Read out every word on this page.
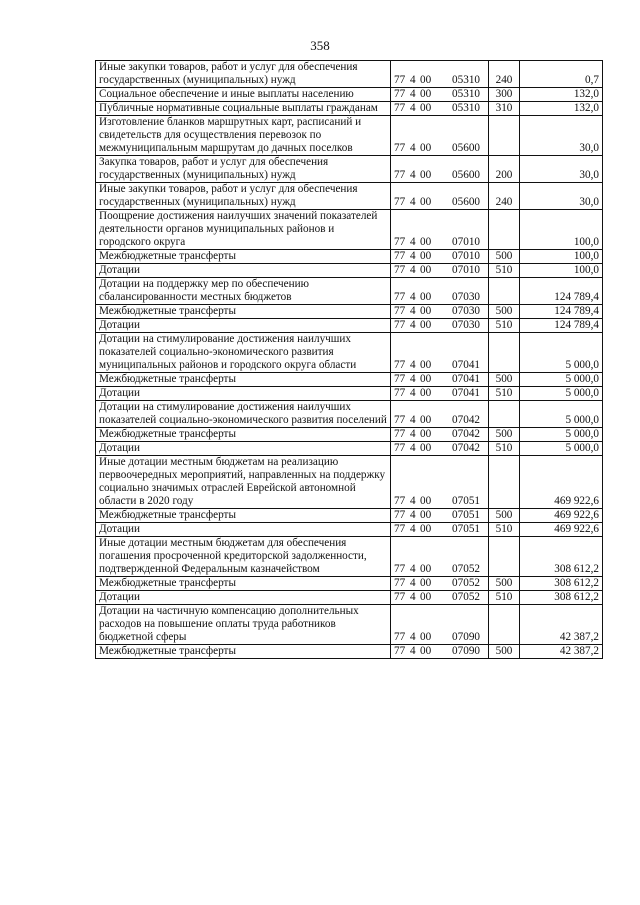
358
Иные закупки товаров, работ и услуг для обеспечения государственных (муниципальных) нужд	77 4 00 05310	240	0,7
Социальное обеспечение и иные выплаты населению	77 4 00 05310	300	132,0
Публичные нормативные социальные выплаты гражданам	77 4 00 05310	310	132,0
Изготовление бланков маршрутных карт, расписаний и свидетельств для осуществления перевозок по межмуниципальным маршрутам до дачных поселков	77 4 00 05600		30,0
Закупка товаров, работ и услуг для обеспечения государственных (муниципальных) нужд	77 4 00 05600	200	30,0
Иные закупки товаров, работ и услуг для обеспечения государственных (муниципальных) нужд	77 4 00 05600	240	30,0
Поощрение достижения наилучших значений показателей деятельности органов муниципальных районов и городского округа	77 4 00 07010		100,0
Межбюджетные трансферты	77 4 00 07010	500	100,0
Дотации	77 4 00 07010	510	100,0
Дотации на поддержку мер по обеспечению сбалансированности местных бюджетов	77 4 00 07030		124 789,4
Межбюджетные трансферты	77 4 00 07030	500	124 789,4
Дотации	77 4 00 07030	510	124 789,4
Дотации на стимулирование достижения наилучших показателей социально-экономического развития муниципальных районов и городского округа области	77 4 00 07041		5 000,0
Межбюджетные трансферты	77 4 00 07041	500	5 000,0
Дотации	77 4 00 07041	510	5 000,0
Дотации на стимулирование достижения наилучших показателей социально-экономического развития поселений	77 4 00 07042		5 000,0
Межбюджетные трансферты	77 4 00 07042	500	5 000,0
Дотации	77 4 00 07042	510	5 000,0
Иные дотации местным бюджетам на реализацию первоочередных мероприятий, направленных на поддержку социально значимых отраслей Еврейской автономной области в 2020 году	77 4 00 07051		469 922,6
Межбюджетные трансферты	77 4 00 07051	500	469 922,6
Дотации	77 4 00 07051	510	469 922,6
Иные дотации местным бюджетам для обеспечения погашения просроченной кредиторской задолженности, подтвержденной Федеральным казначейством	77 4 00 07052		308 612,2
Межбюджетные трансферты	77 4 00 07052	500	308 612,2
Дотации	77 4 00 07052	510	308 612,2
Дотации на частичную компенсацию дополнительных расходов на повышение оплаты труда работников бюджетной сферы	77 4 00 07090		42 387,2
Межбюджетные трансферты	77 4 00 07090	500	42 387,2
